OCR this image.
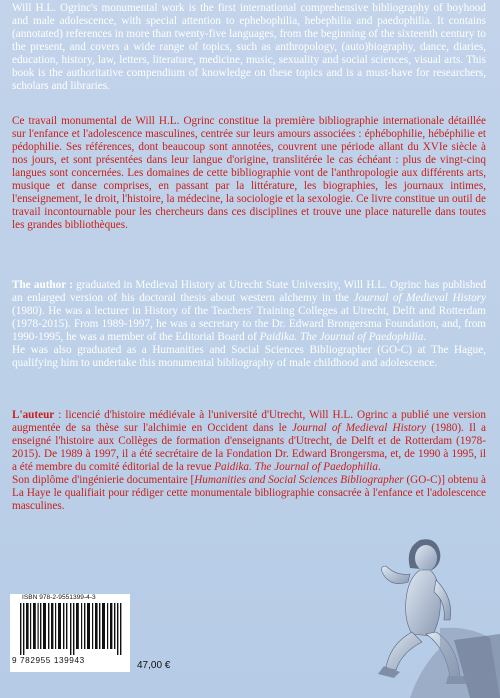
Will H.L. Ogrinc's monumental work is the first international comprehensive bibliography of boyhood and male adolescence, with special attention to ephebophilia, hebephilia and paedophilia. It contains (annotated) references in more than twenty-five languages, from the beginning of the sixteenth century to the present, and covers a wide range of topics, such as anthropology, (auto)biography, dance, diaries, education, history, law, letters, literature, medicine, music, sexuality and social sciences, visual arts. This book is the authoritative compendium of knowledge on these topics and is a must-have for researchers, scholars and libraries.

Ce travail monumental de Will H.L. Ogrinc constitue la première bibliographie internationale détaillée sur l'enfance et l'adolescence masculines, centrée sur leurs amours associées : éphébophilie, hébéphilie et pédophilie. Ses références, dont beaucoup sont annotées, couvrent une période allant du XVIe siècle à nos jours, et sont présentées dans leur langue d'origine, translitérée le cas échéant : plus de vingt-cinq langues sont concernées. Les domaines de cette bibliographie vont de l'anthropologie aux différents arts, musique et danse comprises, en passant par la littérature, les biographies, les journaux intimes, l'enseignement, le droit, l'histoire, la médecine, la sociologie et la sexologie. Ce livre constitue un outil de travail incontournable pour les chercheurs dans ces disciplines et trouve une place naturelle dans toutes les grandes bibliothèques.

The author : graduated in Medieval History at Utrecht State University, Will H.L. Ogrinc has published an enlarged version of his doctoral thesis about western alchemy in the Journal of Medieval History (1980). He was a lecturer in History of the Teachers' Training Colleges at Utrecht, Delft and Rotterdam (1978-2015). From 1989-1997, he was a secretary to the Dr. Edward Brongersma Foundation, and, from 1990-1995, he was a member of the Editorial Board of Paidika. The Journal of Paedophilia.
He was also graduated as a Humanities and Social Sciences Bibliographer (GO-C) at The Hague, qualifying him to undertake this monumental bibliography of male childhood and adolescence.
L'auteur : licencié d'histoire médiévale à l'université d'Utrecht, Will H.L. Ogrinc a publié une version augmentée de sa thèse sur l'alchimie en Occident dans le Journal of Medieval History (1980). Il a enseigné l'histoire aux Collèges de formation d'enseignants d'Utrecht, de Delft et de Rotterdam (1978-2015). De 1989 à 1997, il a été secrétaire de la Fondation Dr. Edward Brongersma, et, de 1990 à 1995, il a été membre du comité éditorial de la revue Paidika. The Journal of Paedophilia.
Son diplôme d'ingénierie documentaire [Humanities and Social Sciences Bibliographer (GO-C)] obtenu à La Haye le qualifiait pour rédiger cette monumentale bibliographie consacrée à l'enfance et l'adolescence masculines.
ISBN 978-2-9551399-4-3
9 782955 139943	47,00 €
